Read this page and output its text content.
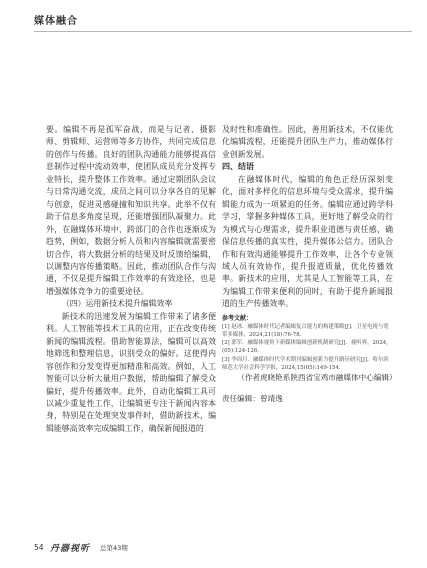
媒体融合

要。编辑不再是孤军奋战，而是与记者、摄影师、剪辑师、运营师等多方协作，共同完成信息的创作与传播。良好的团队沟通能力能够提高信息制作过程中流动效率，使团队成员充分发挥专业特长，提升整体工作效率。通过定期团队会议与日常沟通交流，成员之间可以分享各自的见解与创意，促进灵感碰撞和知识共享。此举不仅有助于信息多角度呈现，还能增强团队凝聚力。此外，在融媒体环境中，跨部门的合作也逐渐成为趋势，例如，数据分析人员和内容编辑就需要密切合作，将大数据分析的结果及时反馈给编辑，以调整内容传播策略。因此，推动团队合作与沟通，不仅是提升编辑工作效率的有效途径，也是增强媒体竞争力的重要途径。

（四）运用新技术提升编辑效率

新技术的迅速发展为编辑工作带来了诸多便利。人工智能等技术工具的应用，正在改变传统新闻的编辑流程。借助智能算法，编辑可以高效地筛选和整理信息，识别受众的偏好。这使得内容创作和分发变得更加精准和高效。例如，人工智能可以分析大量用户数据，帮助编辑了解受众偏好，提升传播效率。此外，自动化编辑工具可以减少重复性工作，让编辑更专注于新闻内容本身，特别是在处理突发事件时，借助新技术，编辑能够高效率完成编辑工作，确保新闻报道的

及时性和准确性。因此，善用新技术，不仅能优化编辑流程，还能提升团队生产力，推动媒体行业创新发展。

四、结语

在融媒体时代，编辑的角色正经历深刻变化，面对多样化的信息环境与受众需求，提升编辑能力成为一项紧迫的任务。编辑应通过跨学科学习，掌握多种媒体工具，更好地了解受众的行为模式与心理需求，提升职业道德与责任感，确保信息传播的真实性，提升媒体公信力。团队合作和有效沟通能够提升工作效率，让各个专业领域人员有效协作，提升报道质量，优化传播效率。新技术的应用，尤其是人工智能等工具，在为编辑工作带来便利的同时，有助于提升新闻报道的生产传播效率。

参考文献：
[1] 赵冰．融媒体时代记者编辑复合能力的构建策略[J]．卫星电视与宽带多媒体，2024,21(18):76-78.
[2] 郭军．融媒体视角下新媒体编辑创新机制研究[J]．视听界，2024,(05):124-126.
[3] 李周月．融媒体时代学术期刊编辑创新力提升路径研究[J]．哈尔滨师范大学社会科学学报，2024,15(05):149-154.

（作者虎晓艳系陕西省宝鸡市融媒体中心编辑）

责任编辑：曾靖逸
54 丹器视听 总第43期
